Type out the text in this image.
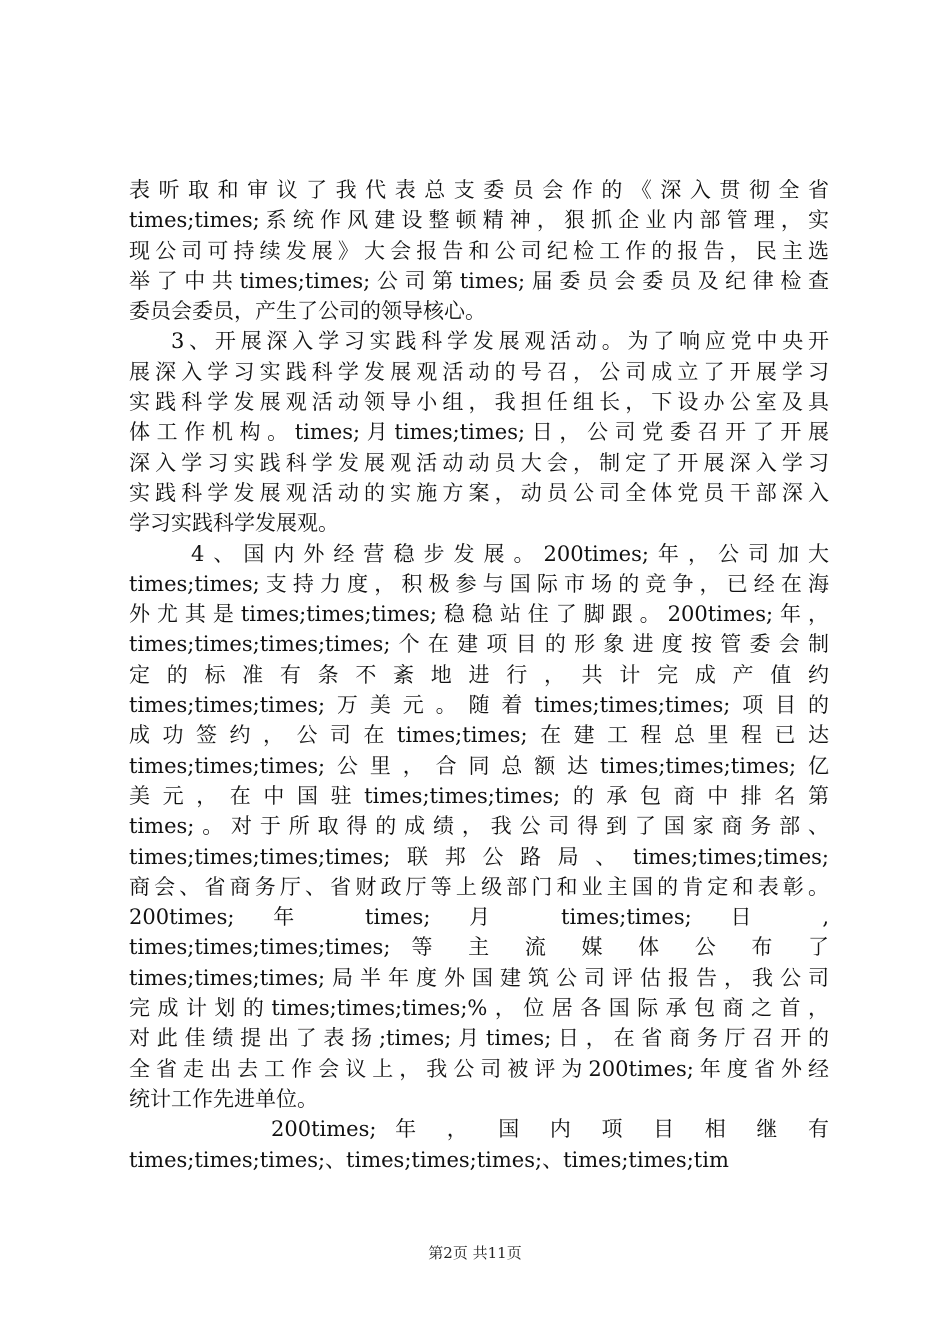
表听取和审议了我代表总支委员会作的《深入贯彻全省
times;times;系统作风建设整顿精神，狠抓企业内部管理，实
现公司可持续发展》大会报告和公司纪检工作的报告，民主选
举了中共times;times;公司第times;届委员会委员及纪律检查
委员会委员，产生了公司的领导核心。
3、开展深入学习实践科学发展观活动。为了响应党中央开
展深入学习实践科学发展观活动的号召，公司成立了开展学习
实践科学发展观活动领导小组，我担任组长，下设办公室及具
体工作机构。times;月times;times;日，公司党委召开了开展
深入学习实践科学发展观活动动员大会，制定了开展深入学习
实践科学发展观活动的实施方案，动员公司全体党员干部深入
学习实践科学发展观。
4、国内外经营稳步发展。200times;年，公司加大
times;times;支持力度，积极参与国际市场的竞争，已经在海
外尤其是times;times;times;稳稳站住了脚跟。200times;年，
times;times;times;times;个在建项目的形象进度按管委会制
定的标准有条不紊地进行，共计完成产值约
times;times;times;万美元。随着times;times;times;项目的
成功签约，公司在times;times;在建工程总里程已达
times;times;times;公里，合同总额达times;times;times;亿
美元，在中国驻times;times;times;的承包商中排名第
times;。对于所取得的成绩，我公司得到了国家商务部、
times;times;times;times;联邦公路局、times;times;times;
商会、省商务厅、省财政厅等上级部门和业主国的肯定和表彰。
200times; 年 times; 月 times;times; 日 ,
times;times;times;times; 等 主 流 媒 体 公 布 了
times;times;times;局半年度外国建筑公司评估报告，我公司
完成计划的times;times;times;%，位居各国际承包商之首，
对此佳绩提出了表扬;times;月times;日，在省商务厅召开的
全省走出去工作会议上，我公司被评为200times;年度省外经
统计工作先进单位。
200times; 年 ， 国 内 项 目 相 继 有
times;times;times;、times;times;times;、times;times;tim
第2页 共11页
